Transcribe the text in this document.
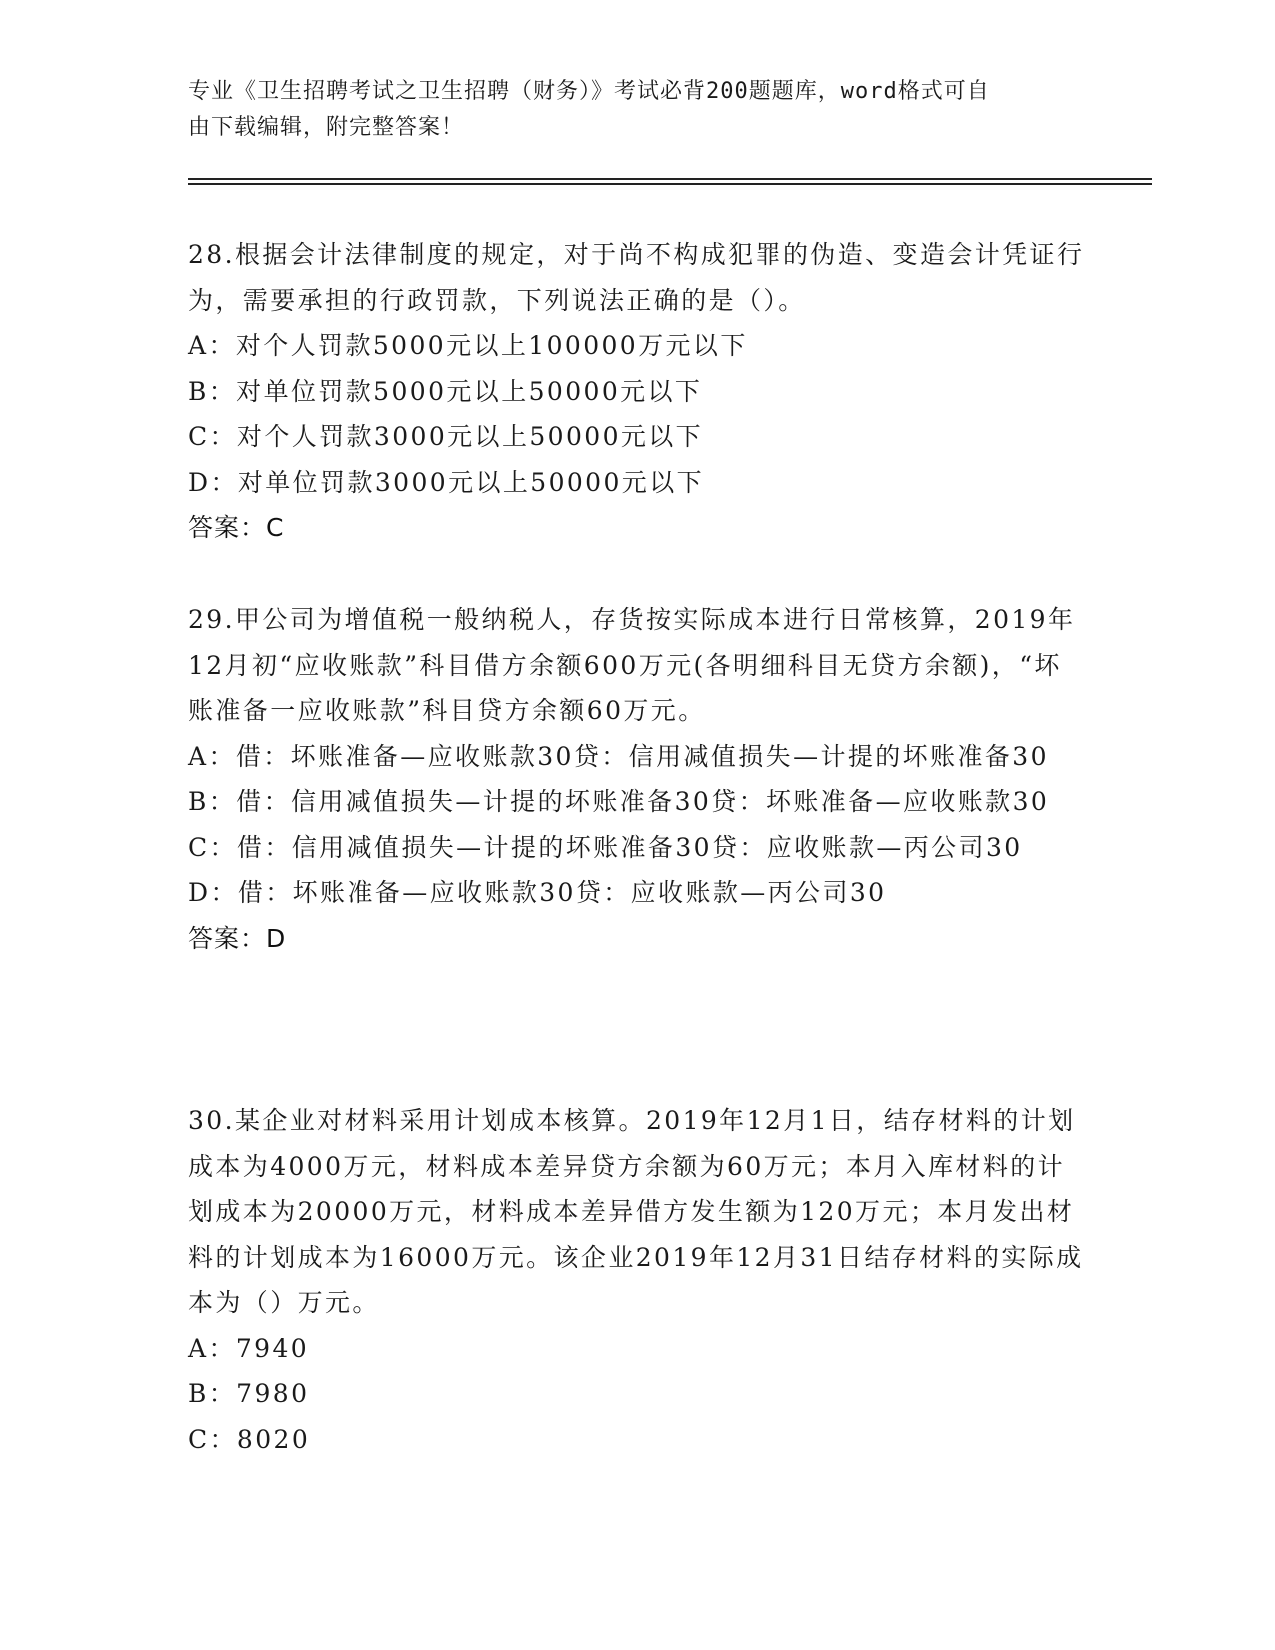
专业《卫生招聘考试之卫生招聘（财务）》考试必背200题题库，word格式可自
由下载编辑，附完整答案！

28.根据会计法律制度的规定，对于尚不构成犯罪的伪造、变造会计凭证行为，需要承担的行政罚款，下列说法正确的是（）。

A：对个人罚款5000元以上100000万元以下

B：对单位罚款5000元以上50000元以下

C：对个人罚款3000元以上50000元以下

D：对单位罚款3000元以上50000元以下

答案：C

29.甲公司为增值税一般纳税人，存货按实际成本进行日常核算，2019年12月初“应收账款”科目借方余额600万元(各明细科目无贷方余额)，“坏账准备一应收账款”科目贷方余额60万元。

A：借：坏账准备—应收账款30贷：信用减值损失—计提的坏账准备30

B：借：信用减值损失—计提的坏账准备30贷：坏账准备—应收账款30

C：借：信用减值损失—计提的坏账准备30贷：应收账款—丙公司30

D：借：坏账准备—应收账款30贷：应收账款—丙公司30

答案：D

30.某企业对材料采用计划成本核算。2019年12月1日，结存材料的计划成本为4000万元，材料成本差异贷方余额为60万元；本月入库材料的计划成本为20000万元，材料成本差异借方发生额为120万元；本月发出材料的计划成本为16000万元。该企业2019年12月31日结存材料的实际成本为（）万元。

A：7940

B：7980

C：8020
